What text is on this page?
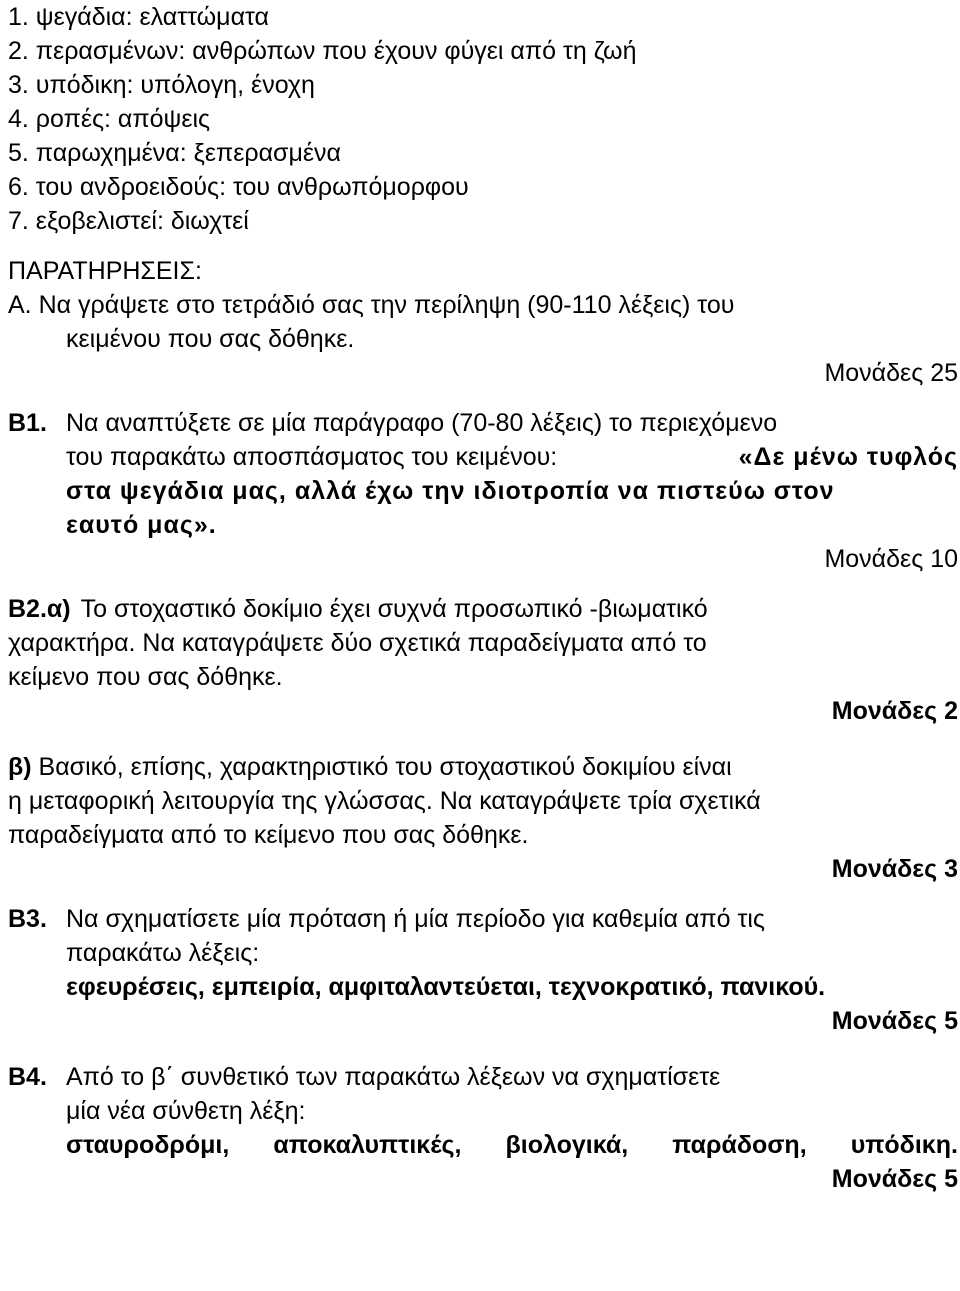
1. ψεγάδια: ελαττώματα
2. περασμένων: ανθρώπων που έχουν φύγει από τη ζωή
3. υπόδικη: υπόλογη, ένοχη
4. ροπές: απόψεις
5. παρωχημένα: ξεπερασμένα
6. του ανδροειδούς: του ανθρωπόμορφου
7. εξοβελιστεί: διωχτεί
ΠΑΡΑΤΗΡΗΣΕΙΣ:
Α. Να γράψετε στο τετράδιό σας την περίληψη (90-110 λέξεις) του
κειμένου που σας δόθηκε.
Μονάδες 25
Β1. Να αναπτύξετε σε μία παράγραφο (70-80 λέξεις) το περιεχόμενο
του παρακάτω αποσπάσματος του κειμένου:	«Δε μένω τυφλός
στα ψεγάδια μας, αλλά έχω την ιδιοτροπία να πιστεύω στον
εαυτό μας».
Μονάδες 10
Β2.α) Το στοχαστικό δοκίμιο έχει συχνά προσωπικό -βιωματικό
χαρακτήρα. Να καταγράψετε δύο σχετικά παραδείγματα από το
κείμενο που σας δόθηκε.
Μονάδες 2
β) Βασικό, επίσης, χαρακτηριστικό του στοχαστικού δοκιμίου είναι
η μεταφορική λειτουργία της γλώσσας. Να καταγράψετε τρία σχετικά
παραδείγματα από το κείμενο που σας δόθηκε.
Μονάδες 3
Β3. Να σχηματίσετε μία πρόταση ή μία περίοδο για καθεμία από τις
παρακάτω λέξεις:
εφευρέσεις, εμπειρία, αμφιταλαντεύεται, τεχνοκρατικό, πανικού.
Μονάδες 5
Β4. Από το β΄ συνθετικό των παρακάτω λέξεων να σχηματίσετε
μία νέα σύνθετη λέξη:
σταυροδρόμι, αποκαλυπτικές, βιολογικά, παράδοση, υπόδικη.
Μονάδες 5
